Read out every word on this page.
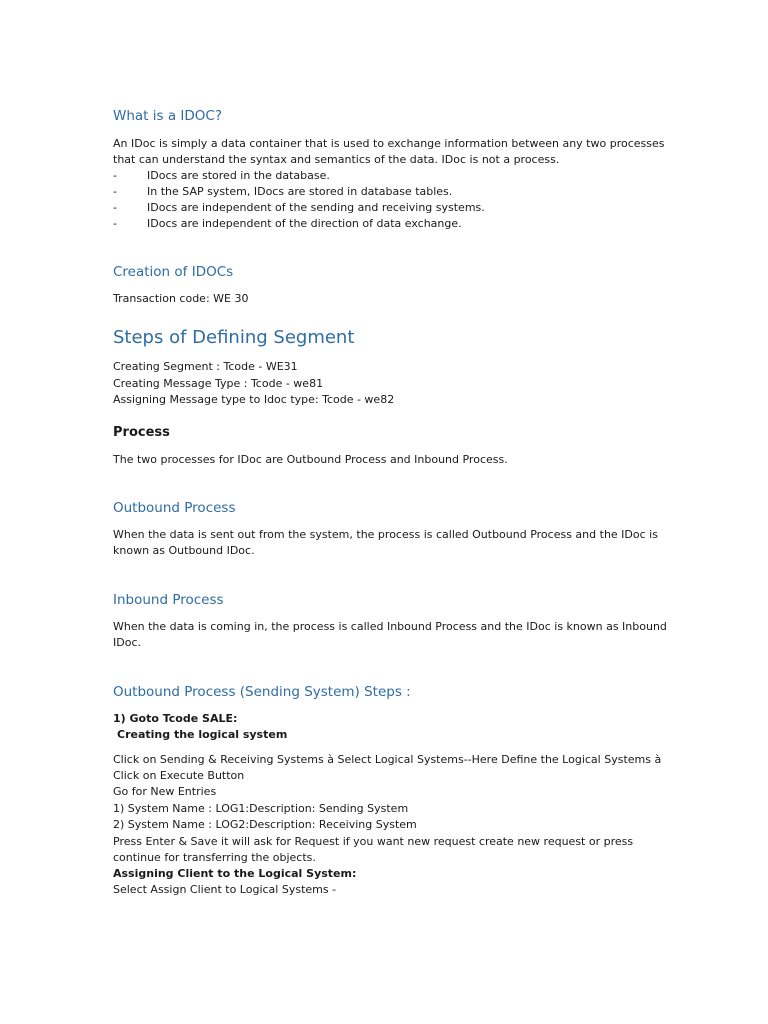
What is a IDOC?
An IDoc is simply a data container that is used to exchange information between any two processes
that can understand the syntax and semantics of the data. IDoc is not a process.
-	IDocs are stored in the database.
-	In the SAP system, IDocs are stored in database tables.
-	IDocs are independent of the sending and receiving systems.
-	IDocs are independent of the direction of data exchange.
Creation of IDOCs
Transaction code: WE 30
Steps of Defining Segment
Creating Segment : Tcode - WE31
Creating Message Type : Tcode - we81
Assigning Message type to Idoc type: Tcode - we82
Process
The two processes for IDoc are Outbound Process and Inbound Process.
Outbound Process
When the data is sent out from the system, the process is called Outbound Process and the IDoc is
known as Outbound IDoc.
Inbound Process
When the data is coming in, the process is called Inbound Process and the IDoc is known as Inbound
IDoc.
Outbound Process (Sending System) Steps :
1) Goto Tcode SALE:
Creating the logical system
Click on Sending & Receiving Systems à Select Logical Systems--Here Define the Logical Systems à
Click on Execute Button
Go for New Entries
1) System Name : LOG1:Description: Sending System
2) System Name : LOG2:Description: Receiving System
Press Enter & Save it will ask for Request if you want new request create new request or press
continue for transferring the objects.
Assigning Client to the Logical System:
Select Assign Client to Logical Systems -
